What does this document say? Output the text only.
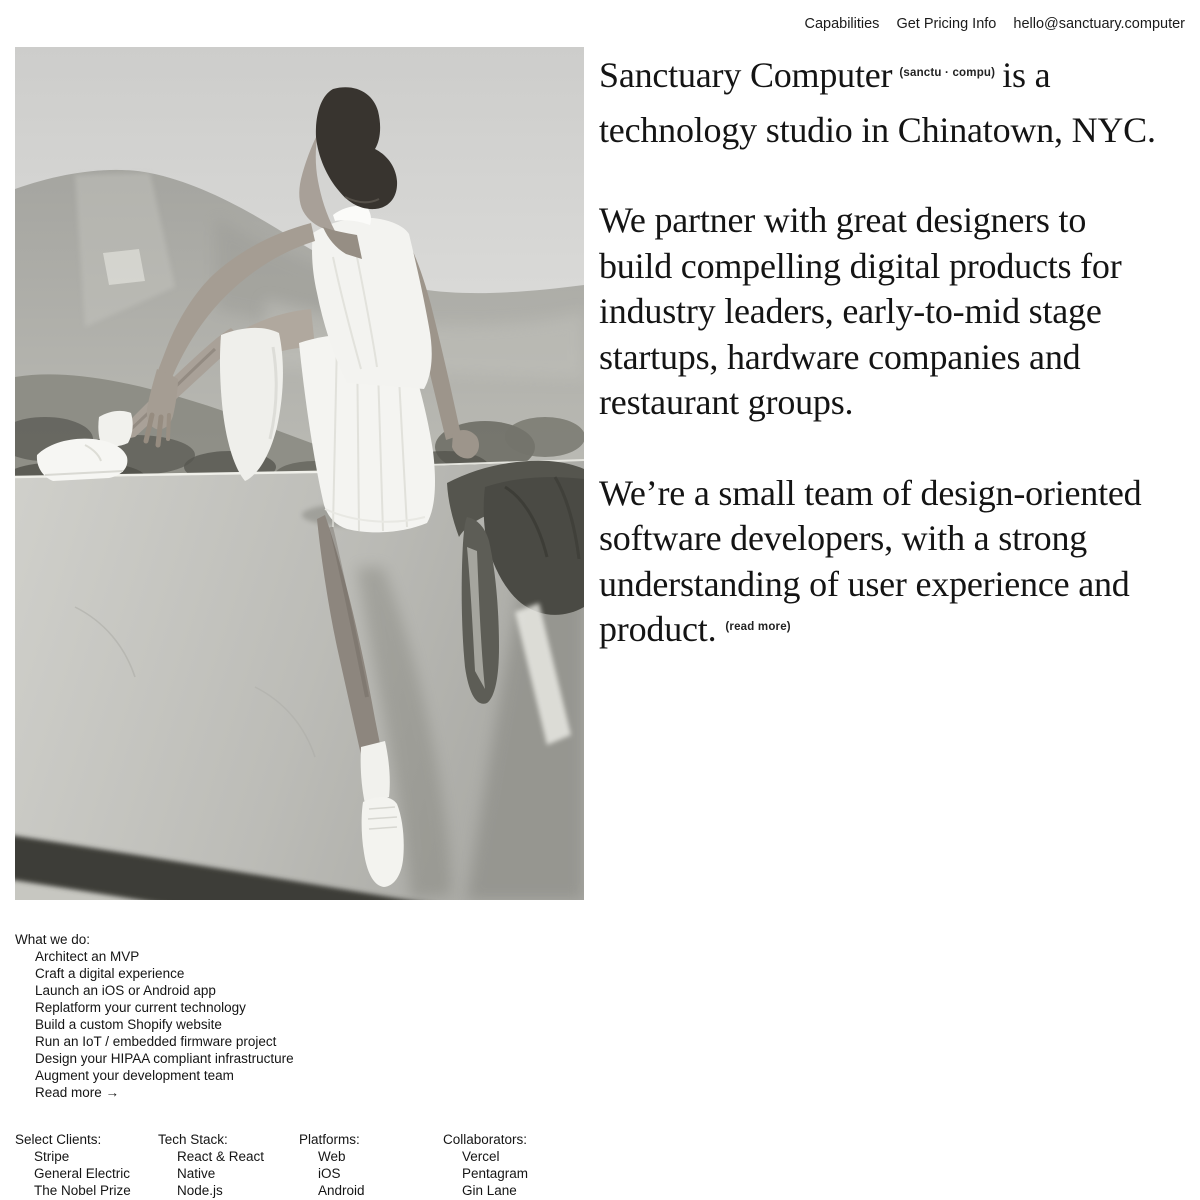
Capabilities Get Pricing Info hello@sanctuary.computer

Sanctuary Computer $^{(sanctu \cdot compu)}$ is a
technology studio in Chinatown, NYC.

We partner with great designers to
build compelling digital products for
industry leaders, early-to-mid stage
startups, hardware companies and
restaurant groups.

We’re a small team of design-oriented
software developers, with a strong
understanding of user experience and
product. $^{(read more)}$

What we do:
Architect an MVP
Craft a digital experience
Launch an iOS or Android app
Replatform your current technology
Build a custom Shopify website
Run an IoT / embedded firmware project
Design your HIPAA compliant infrastructure
Augment your development team
Read more →
Select Clients:
Stripe
General Electric
The Nobel Prize
Tech Stack:
React & React
Native
Node.js
Platforms:
Web
iOS
Android
Collaborators:
Vercel
Pentagram
Gin Lane
